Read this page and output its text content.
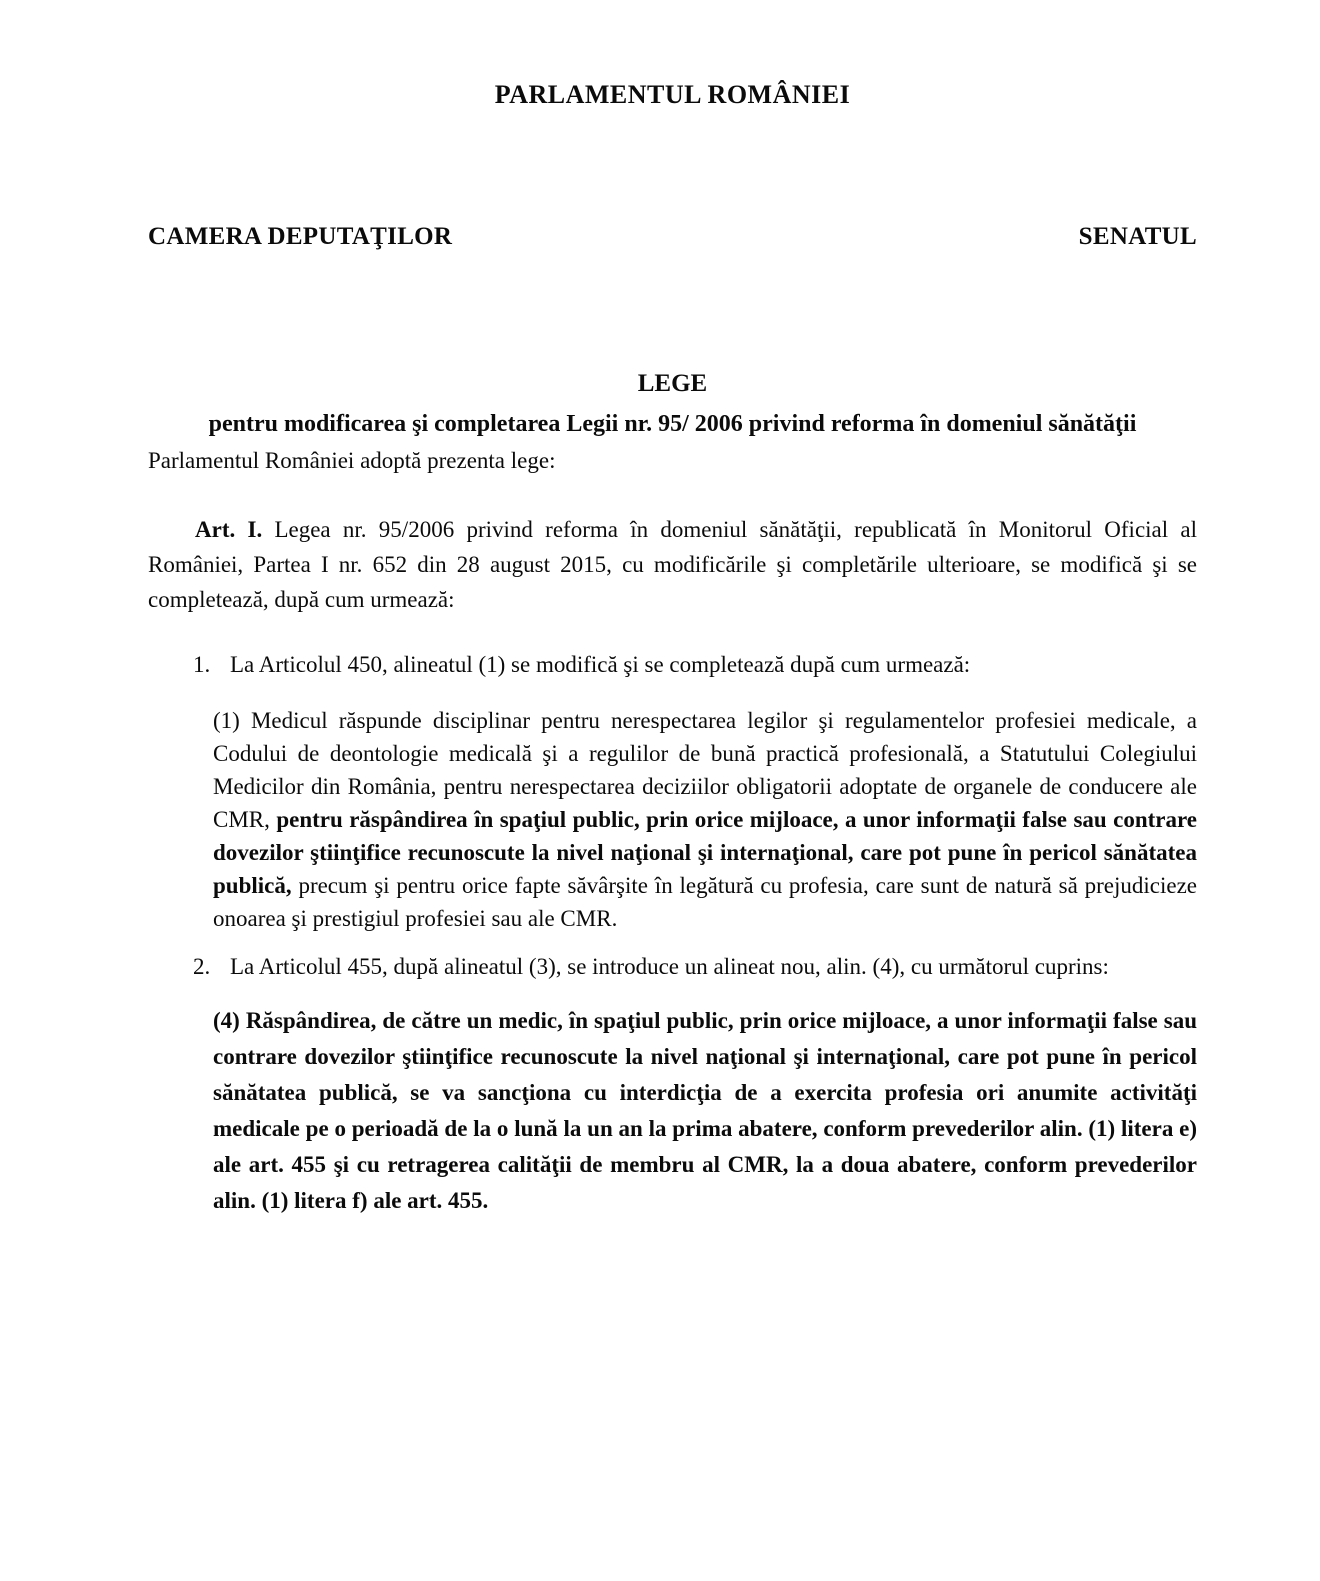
PARLAMENTUL ROMÂNIEI
CAMERA DEPUTAŢILOR	SENATUL
LEGE
pentru modificarea şi completarea Legii nr. 95/ 2006 privind reforma în domeniul sănătăţii

Parlamentul României adoptă prezenta lege:

Art. I. Legea nr. 95/2006 privind reforma în domeniul sănătăţii, republicată în Monitorul Oficial al României, Partea I nr. 652 din 28 august 2015, cu modificările şi completările ulterioare, se modifică şi se completează, după cum urmează:

1. La Articolul 450, alineatul (1) se modifică şi se completează după cum urmează:

(1) Medicul răspunde disciplinar pentru nerespectarea legilor şi regulamentelor profesiei medicale, a Codului de deontologie medicală şi a regulilor de bună practică profesională, a Statutului Colegiului Medicilor din România, pentru nerespectarea deciziilor obligatorii adoptate de organele de conducere ale CMR, pentru răspândirea în spaţiul public, prin orice mijloace, a unor informaţii false sau contrare dovezilor ştiinţifice recunoscute la nivel naţional şi internaţional, care pot pune în pericol sănătatea publică, precum şi pentru orice fapte săvârşite în legătură cu profesia, care sunt de natură să prejudicieze onoarea şi prestigiul profesiei sau ale CMR.

2. La Articolul 455, după alineatul (3), se introduce un alineat nou, alin. (4), cu următorul cuprins:

(4) Răspândirea, de către un medic, în spaţiul public, prin orice mijloace, a unor informaţii false sau contrare dovezilor ştiinţifice recunoscute la nivel naţional şi internaţional, care pot pune în pericol sănătatea publică, se va sancţiona cu interdicţia de a exercita profesia ori anumite activităţi medicale pe o perioadă de la o lună la un an la prima abatere, conform prevederilor alin. (1) litera e) ale art. 455 şi cu retragerea calităţii de membru al CMR, la a doua abatere, conform prevederilor alin. (1) litera f) ale art. 455.
